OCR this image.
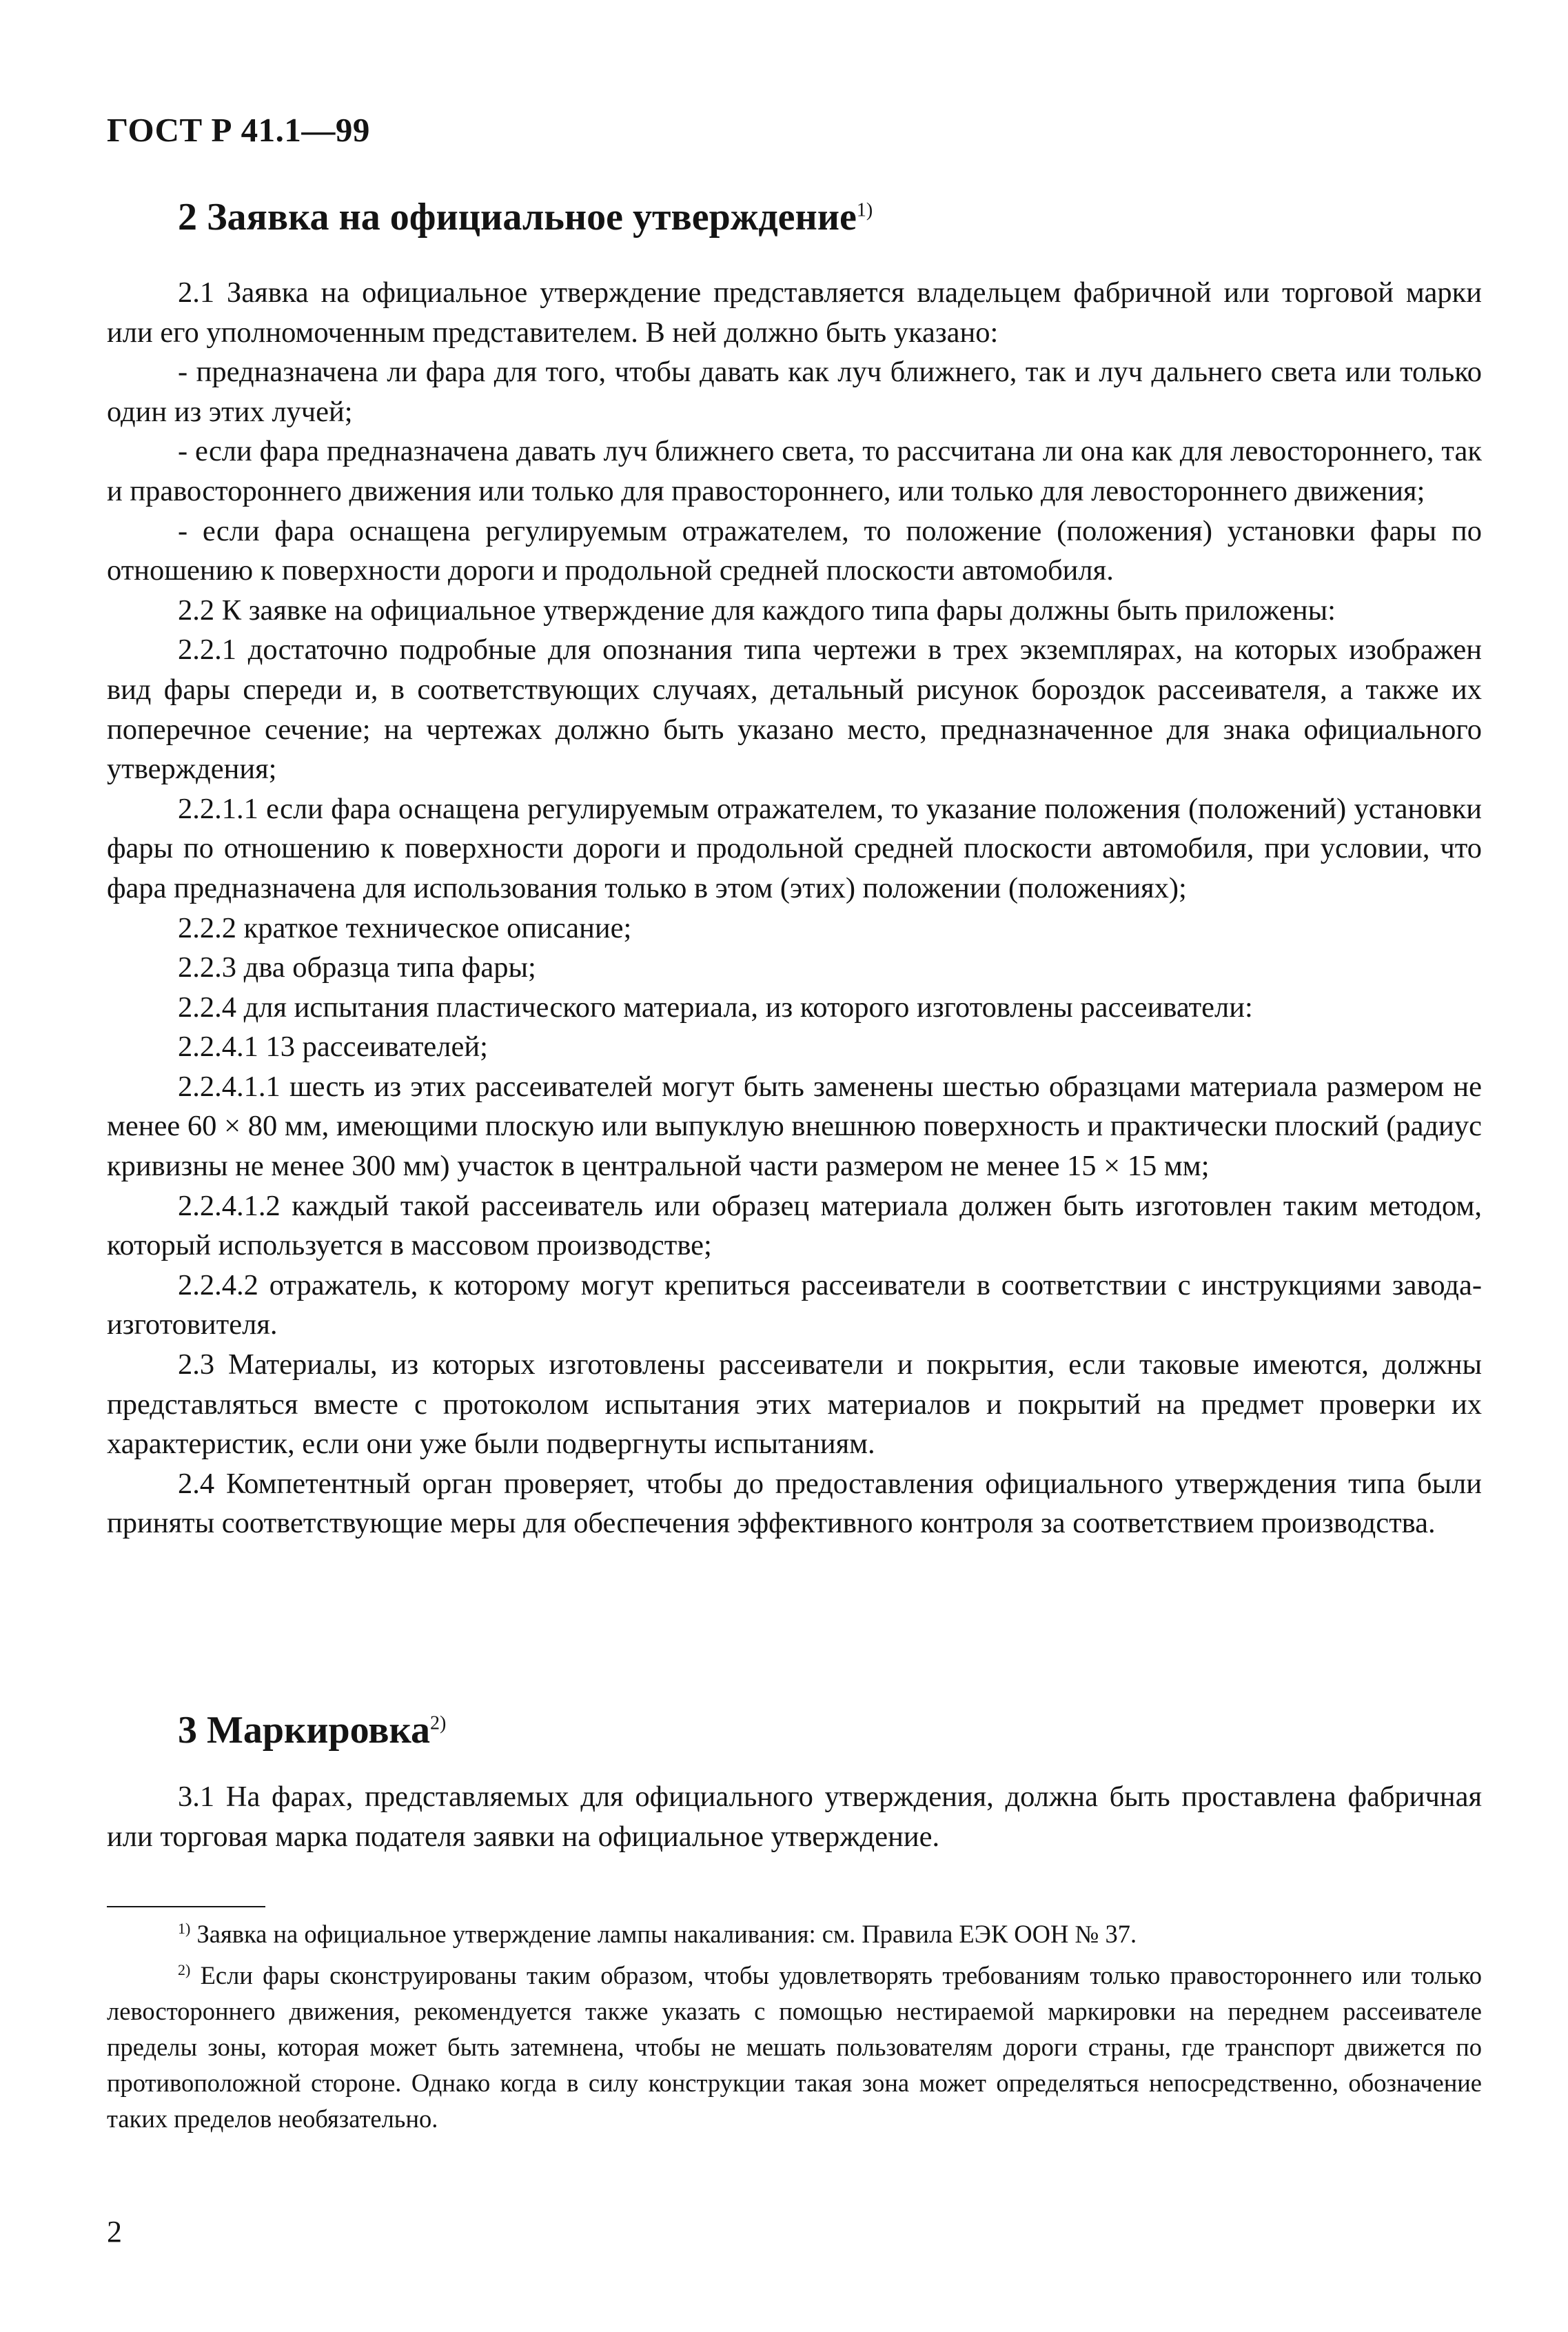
ГОСТ Р 41.1—99
2 Заявка на официальное утверждение$^{1)}$

2.1 Заявка на официальное утверждение представляется владельцем фабричной или торговой марки или его уполномоченным представителем. В ней должно быть указано:

- предназначена ли фара для того, чтобы давать как луч ближнего, так и луч дальнего света или только один из этих лучей;

- если фара предназначена давать луч ближнего света, то рассчитана ли она как для левостороннего, так и правостороннего движения или только для правостороннего, или только для левостороннего движения;

- если фара оснащена регулируемым отражателем, то положение (положения) установки фары по отношению к поверхности дороги и продольной средней плоскости автомобиля.

2.2 К заявке на официальное утверждение для каждого типа фары должны быть приложены:

2.2.1 достаточно подробные для опознания типа чертежи в трех экземплярах, на которых изображен вид фары спереди и, в соответствующих случаях, детальный рисунок бороздок рассеивателя, а также их поперечное сечение; на чертежах должно быть указано место, предназначенное для знака официального утверждения;

2.2.1.1 если фара оснащена регулируемым отражателем, то указание положения (положений) установки фары по отношению к поверхности дороги и продольной средней плоскости автомобиля, при условии, что фара предназначена для использования только в этом (этих) положении (положениях);

2.2.2 краткое техническое описание;

2.2.3 два образца типа фары;

2.2.4 для испытания пластического материала, из которого изготовлены рассеиватели:

2.2.4.1 13 рассеивателей;

2.2.4.1.1 шесть из этих рассеивателей могут быть заменены шестью образцами материала размером не менее 60 × 80 мм, имеющими плоскую или выпуклую внешнюю поверхность и практически плоский (радиус кривизны не менее 300 мм) участок в центральной части размером не менее 15 × 15 мм;

2.2.4.1.2 каждый такой рассеиватель или образец материала должен быть изготовлен таким методом, который используется в массовом производстве;

2.2.4.2 отражатель, к которому могут крепиться рассеиватели в соответствии с инструкциями завода-изготовителя.

2.3 Материалы, из которых изготовлены рассеиватели и покрытия, если таковые имеются, должны представляться вместе с протоколом испытания этих материалов и покрытий на предмет проверки их характеристик, если они уже были подвергнуты испытаниям.

2.4 Компетентный орган проверяет, чтобы до предоставления официального утверждения типа были приняты соответствующие меры для обеспечения эффективного контроля за соответствием производства.

3 Маркировка$^{2)}$

3.1 На фарах, представляемых для официального утверждения, должна быть проставлена фабричная или торговая марка подателя заявки на официальное утверждение.

$^{1)}$ Заявка на официальное утверждение лампы накаливания: см. Правила ЕЭК ООН № 37.

$^{2)}$ Если фары сконструированы таким образом, чтобы удовлетворять требованиям только правостороннего или только левостороннего движения, рекомендуется также указать с помощью нестираемой маркировки на переднем рассеивателе пределы зоны, которая может быть затемнена, чтобы не мешать пользователям дороги страны, где транспорт движется по противоположной стороне. Однако когда в силу конструкции такая зона может определяться непосредственно, обозначение таких пределов необязательно.

2
